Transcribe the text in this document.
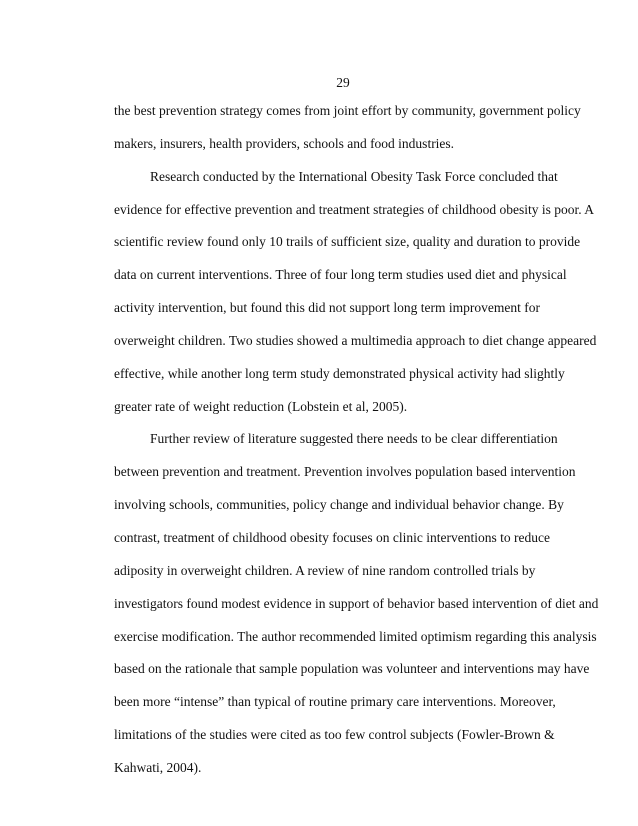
29
the best prevention strategy comes from joint effort by community, government policy
makers, insurers, health providers, schools and food industries.
Research conducted by the International Obesity Task Force concluded that
evidence for effective prevention and treatment strategies of childhood obesity is poor. A
scientific review found only 10 trails of sufficient size, quality and duration to provide
data on current interventions. Three of four long term studies used diet and physical
activity intervention, but found this did not support long term improvement for
overweight children. Two studies showed a multimedia approach to diet change appeared
effective, while another long term study demonstrated physical activity had slightly
greater rate of weight reduction (Lobstein et al, 2005).
Further review of literature suggested there needs to be clear differentiation
between prevention and treatment. Prevention involves population based intervention
involving schools, communities, policy change and individual behavior change. By
contrast, treatment of childhood obesity focuses on clinic interventions to reduce
adiposity in overweight children. A review of nine random controlled trials by
investigators found modest evidence in support of behavior based intervention of diet and
exercise modification. The author recommended limited optimism regarding this analysis
based on the rationale that sample population was volunteer and interventions may have
been more “intense” than typical of routine primary care interventions. Moreover,
limitations of the studies were cited as too few control subjects (Fowler-Brown &
Kahwati, 2004).
